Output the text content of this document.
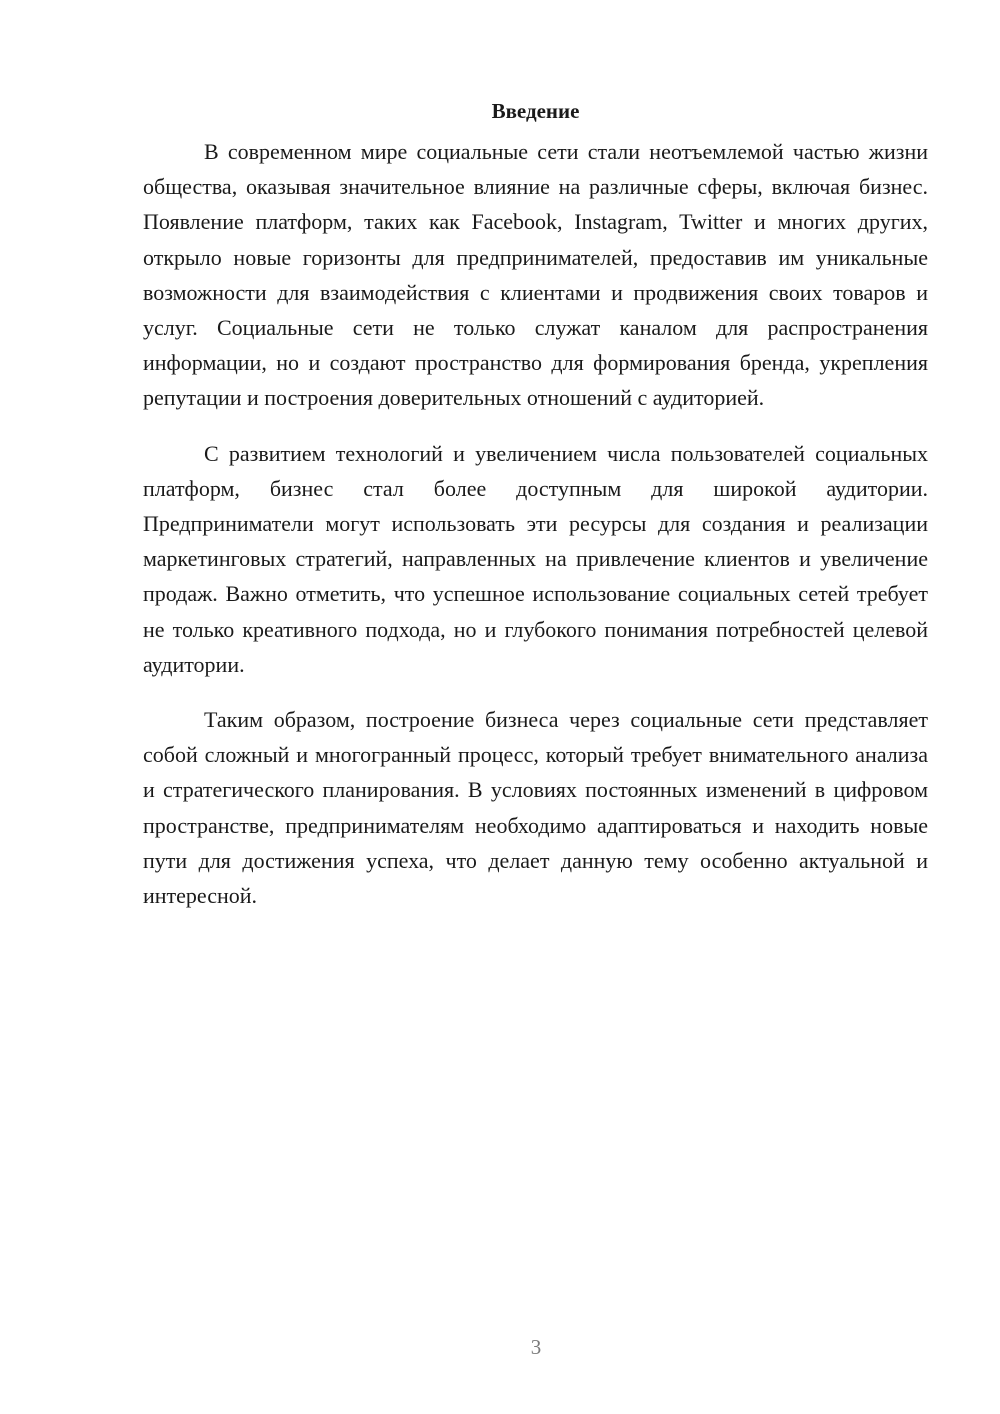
Введение

В современном мире социальные сети стали неотъемлемой частью жизни общества, оказывая значительное влияние на различные сферы, включая бизнес. Появление платформ, таких как Facebook, Instagram, Twitter и многих других, открыло новые горизонты для предпринимателей, предоставив им уникальные возможности для взаимодействия с клиентами и продвижения своих товаров и услуг. Социальные сети не только служат каналом для распространения информации, но и создают пространство для формирования бренда, укрепления репутации и построения доверительных отношений с аудиторией.

С развитием технологий и увеличением числа пользователей социальных платформ, бизнес стал более доступным для широкой аудитории. Предприниматели могут использовать эти ресурсы для создания и реализации маркетинговых стратегий, направленных на привлечение клиентов и увеличение продаж. Важно отметить, что успешное использование социальных сетей требует не только креативного подхода, но и глубокого понимания потребностей целевой аудитории.

Таким образом, построение бизнеса через социальные сети представляет собой сложный и многогранный процесс, который требует внимательного анализа и стратегического планирования. В условиях постоянных изменений в цифровом пространстве, предпринимателям необходимо адаптироваться и находить новые пути для достижения успеха, что делает данную тему особенно актуальной и интересной.

3
